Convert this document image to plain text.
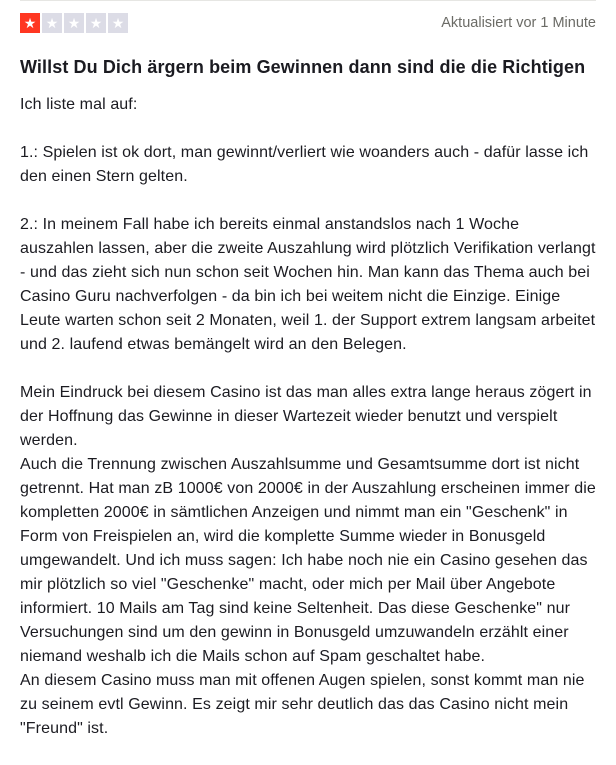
★ ★ ★ ★ ★	Aktualisiert vor 1 Minute
Willst Du Dich ärgern beim Gewinnen dann sind die die Richtigen

Ich liste mal auf:

1.: Spielen ist ok dort, man gewinnt/verliert wie woanders auch - dafür lasse ich den einen Stern gelten.

2.: In meinem Fall habe ich bereits einmal anstandslos nach 1 Woche auszahlen lassen, aber die zweite Auszahlung wird plötzlich Verifikation verlangt - und das zieht sich nun schon seit Wochen hin. Man kann das Thema auch bei Casino Guru nachverfolgen - da bin ich bei weitem nicht die Einzige. Einige Leute warten schon seit 2 Monaten, weil 1. der Support extrem langsam arbeitet und 2. laufend etwas bemängelt wird an den Belegen.

Mein Eindruck bei diesem Casino ist das man alles extra lange heraus zögert in der Hoffnung das Gewinne in dieser Wartezeit wieder benutzt und verspielt werden.
Auch die Trennung zwischen Auszahlsumme und Gesamtsumme dort ist nicht getrennt. Hat man zB 1000€ von 2000€ in der Auszahlung erscheinen immer die kompletten 2000€ in sämtlichen Anzeigen und nimmt man ein "Geschenk" in Form von Freispielen an, wird die komplette Summe wieder in Bonusgeld umgewandelt. Und ich muss sagen: Ich habe noch nie ein Casino gesehen das mir plötzlich so viel "Geschenke" macht, oder mich per Mail über Angebote informiert. 10 Mails am Tag sind keine Seltenheit. Das diese Geschenke" nur Versuchungen sind um den gewinn in Bonusgeld umzuwandeln erzählt einer niemand weshalb ich die Mails schon auf Spam geschaltet habe.
An diesem Casino muss man mit offenen Augen spielen, sonst kommt man nie zu seinem evtl Gewinn. Es zeigt mir sehr deutlich das das Casino nicht mein "Freund" ist.
